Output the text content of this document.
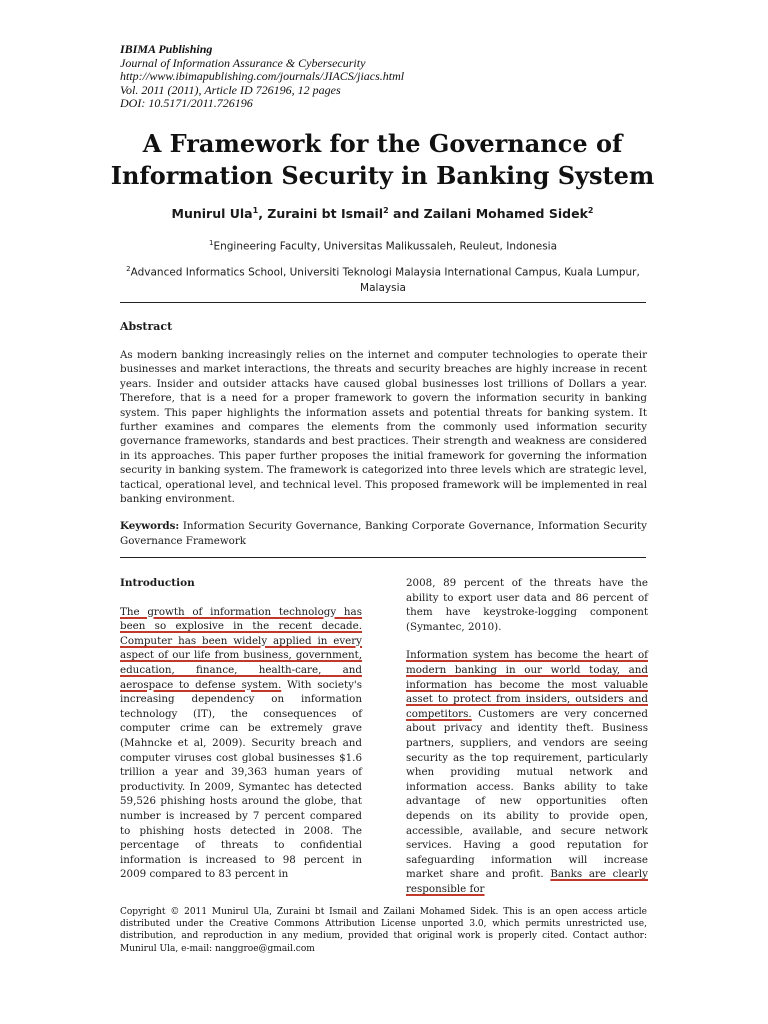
IBIMA Publishing
Journal of Information Assurance & Cybersecurity
http://www.ibimapublishing.com/journals/JIACS/jiacs.html
Vol. 2011 (2011), Article ID 726196, 12 pages
DOI: 10.5171/2011.726196
A Framework for the Governance of
Information Security in Banking System
Munirul Ula$^1$, Zuraini bt Ismail$^2$ and Zailani Mohamed Sidek$^2$
$^1$Engineering Faculty, Universitas Malikussaleh, Reuleut, Indonesia
$^2$Advanced Informatics School, Universiti Teknologi Malaysia International Campus, Kuala Lumpur, Malaysia
Abstract
As modern banking increasingly relies on the internet and computer technologies to operate their businesses and market interactions, the threats and security breaches are highly increase in recent years. Insider and outsider attacks have caused global businesses lost trillions of Dollars a year. Therefore, that is a need for a proper framework to govern the information security in banking system. This paper highlights the information assets and potential threats for banking system. It further examines and compares the elements from the commonly used information security governance frameworks, standards and best practices. Their strength and weakness are considered in its approaches. This paper further proposes the initial framework for governing the information security in banking system. The framework is categorized into three levels which are strategic level, tactical, operational level, and technical level. This proposed framework will be implemented in real banking environment.
Keywords: Information Security Governance, Banking Corporate Governance, Information Security Governance Framework
Introduction

The growth of information technology has been so explosive in the recent decade. Computer has been widely applied in every aspect of our life from business, government, education, finance, health-care, and aerospace to defense system. With society's increasing dependency on information technology (IT), the consequences of computer crime can be extremely grave (Mahncke et al, 2009). Security breach and computer viruses cost global businesses $1.6 trillion a year and 39,363 human years of productivity. In 2009, Symantec has detected 59,526 phishing hosts around the globe, that number is increased by 7 percent compared to phishing hosts detected in 2008. The percentage of threats to confidential information is increased to 98 percent in 2009 compared to 83 percent in

2008, 89 percent of the threats have the ability to export user data and 86 percent of them have keystroke-logging component (Symantec, 2010).

Information system has become the heart of modern banking in our world today, and information has become the most valuable asset to protect from insiders, outsiders and competitors. Customers are very concerned about privacy and identity theft. Business partners, suppliers, and vendors are seeing security as the top requirement, particularly when providing mutual network and information access. Banks ability to take advantage of new opportunities often depends on its ability to provide open, accessible, available, and secure network services. Having a good reputation for safeguarding information will increase market share and profit. Banks are clearly responsible for

Copyright © 2011 Munirul Ula, Zuraini bt Ismail and Zailani Mohamed Sidek. This is an open access article distributed under the Creative Commons Attribution License unported 3.0, which permits unrestricted use, distribution, and reproduction in any medium, provided that original work is properly cited. Contact author: Munirul Ula, e-mail: nanggroe@gmail.com
